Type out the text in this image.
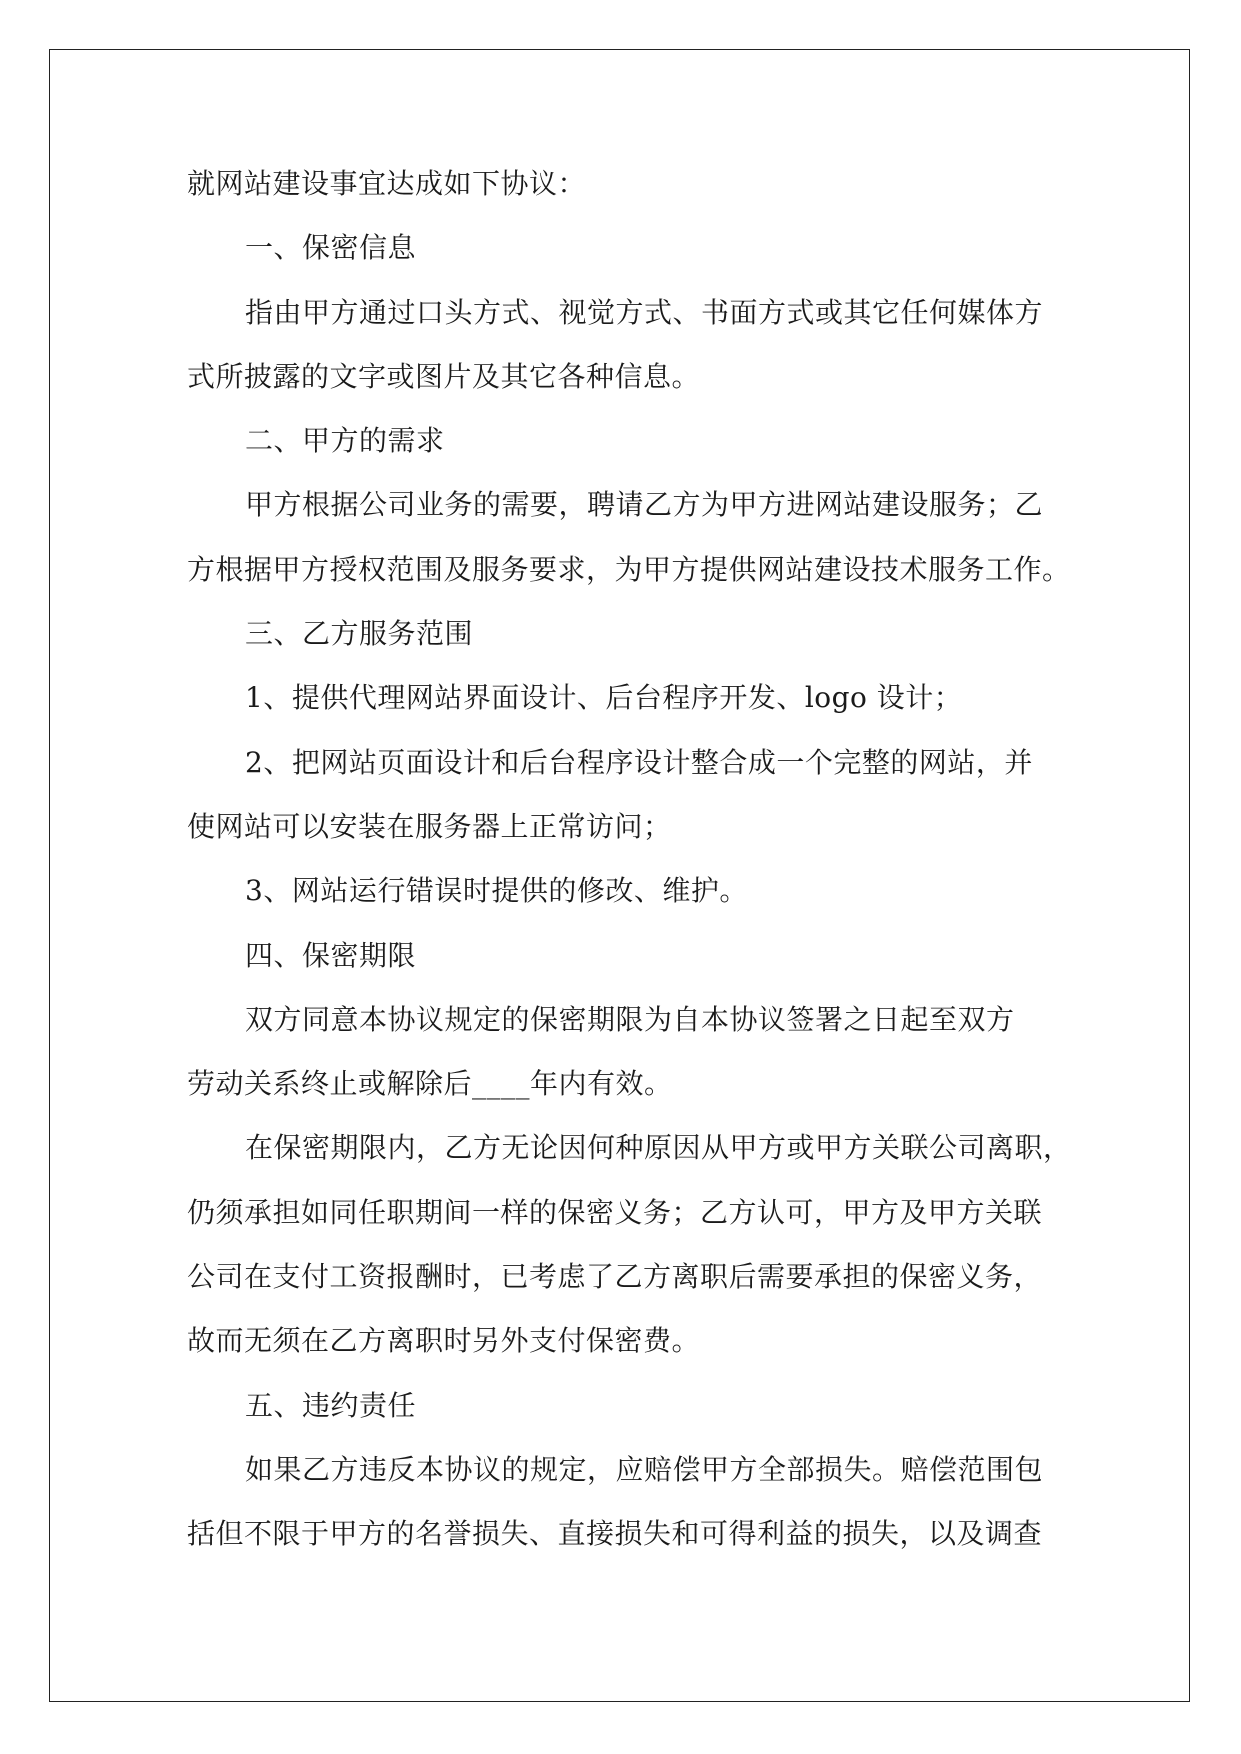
就网站建设事宜达成如下协议：
一、保密信息
指由甲方通过口头方式、视觉方式、书面方式或其它任何媒体方
式所披露的文字或图片及其它各种信息。
二、甲方的需求
甲方根据公司业务的需要，聘请乙方为甲方进网站建设服务；乙
方根据甲方授权范围及服务要求，为甲方提供网站建设技术服务工作。
三、乙方服务范围
1、提供代理网站界面设计、后台程序开发、logo 设计；
2、把网站页面设计和后台程序设计整合成一个完整的网站，并
使网站可以安装在服务器上正常访问；
3、网站运行错误时提供的修改、维护。
四、保密期限
双方同意本协议规定的保密期限为自本协议签署之日起至双方
劳动关系终止或解除后____年内有效。
在保密期限内，乙方无论因何种原因从甲方或甲方关联公司离职，
仍须承担如同任职期间一样的保密义务；乙方认可，甲方及甲方关联
公司在支付工资报酬时，已考虑了乙方离职后需要承担的保密义务，
故而无须在乙方离职时另外支付保密费。
五、违约责任
如果乙方违反本协议的规定，应赔偿甲方全部损失。赔偿范围包
括但不限于甲方的名誉损失、直接损失和可得利益的损失，以及调查
